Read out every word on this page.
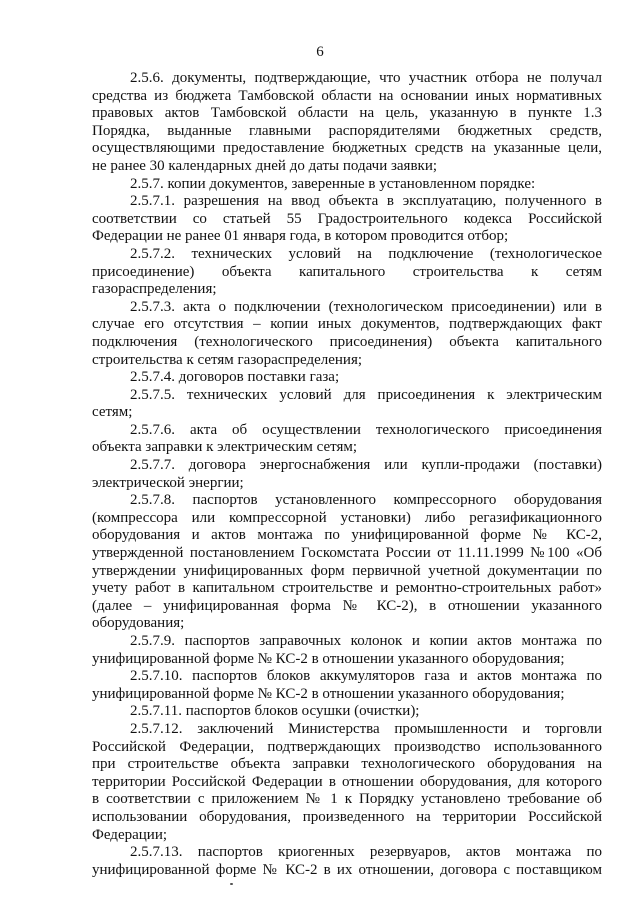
6

2.5.6. документы, подтверждающие, что участник отбора не получал
средства из бюджета Тамбовской области на основании иных нормативных
правовых актов Тамбовской области на цель, указанную в пункте 1.3
Порядка, выданные главными распорядителями бюджетных средств,
осуществляющими предоставление бюджетных средств на указанные цели,
не ранее 30 календарных дней до даты подачи заявки;

2.5.7. копии документов, заверенные в установленном порядке:

2.5.7.1. разрешения на ввод объекта в эксплуатацию, полученного в
соответствии со статьей 55 Градостроительного кодекса Российской
Федерации не ранее 01 января года, в котором проводится отбор;

2.5.7.2. технических условий на подключение (технологическое
присоединение) объекта капитального строительства к сетям
газораспределения;

2.5.7.3. акта о подключении (технологическом присоединении) или в
случае его отсутствия – копии иных документов, подтверждающих факт
подключения (технологического присоединения) объекта капитального
строительства к сетям газораспределения;

2.5.7.4. договоров поставки газа;

2.5.7.5. технических условий для присоединения к электрическим
сетям;

2.5.7.6. акта об осуществлении технологического присоединения
объекта заправки к электрическим сетям;

2.5.7.7. договора энергоснабжения или купли-продажи (поставки)
электрической энергии;

2.5.7.8. паспортов установленного компрессорного оборудования
(компрессора или компрессорной установки) либо регазификационного
оборудования и актов монтажа по унифицированной форме № КС-2,
утвержденной постановлением Госкомстата России от 11.11.1999 №100 «Об
утверждении унифицированных форм первичной учетной документации по
учету работ в капитальном строительстве и ремонтно-строительных работ»
(далее – унифицированная форма № КС-2), в отношении указанного
оборудования;

2.5.7.9. паспортов заправочных колонок и копии актов монтажа по
унифицированной форме № КС-2 в отношении указанного оборудования;

2.5.7.10. паспортов блоков аккумуляторов газа и актов монтажа по
унифицированной форме № КС-2 в отношении указанного оборудования;

2.5.7.11. паспортов блоков осушки (очистки);

2.5.7.12. заключений Министерства промышленности и торговли
Российской Федерации, подтверждающих производство использованного
при строительстве объекта заправки технологического оборудования на
территории Российской Федерации в отношении оборудования, для которого
в соответствии с приложением № 1 к Порядку установлено требование об
использовании оборудования, произведенного на территории Российской
Федерации;

2.5.7.13. паспортов криогенных резервуаров, актов монтажа по
унифицированной форме № КС-2 в их отношении, договора с поставщиком
